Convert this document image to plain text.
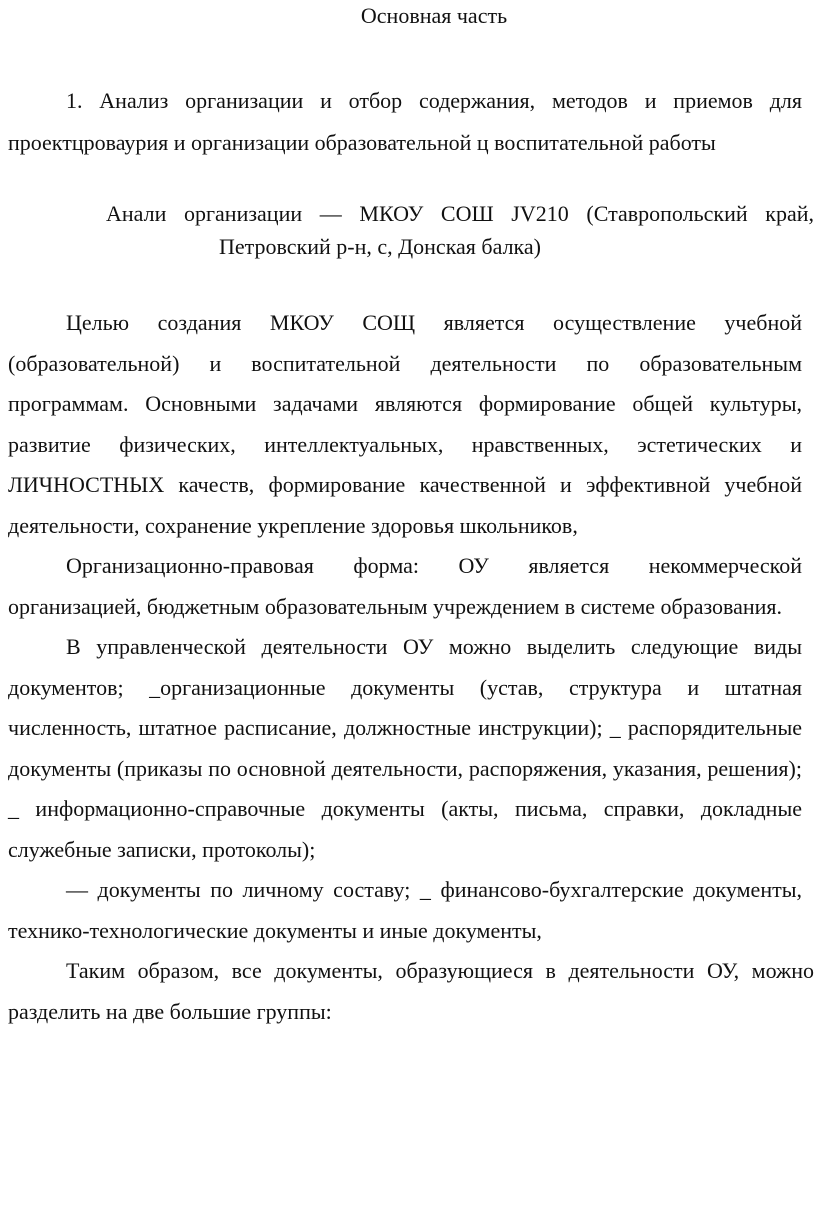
Основная часть
1. Анализ организации и отбор содержания, методов и приемов для проектцроваурия и организации образовательной ц воспитательной работы
Анали организации — МКОУ СОШ JV210 (Ставропольский край,
Петровский р-н, с, Донская балка)

Целью создания МКОУ СОЩ является осуществление учебной (образовательной) и воспитательной деятельности по образовательным программам. Основными задачами являются формирование общей культуры, развитие физических, интеллектуальных, нравственных, эстетических и ЛИЧНОСТНЫХ качеств, формирование качественной и эффективной учебной деятельности, сохранение укрепление здоровья школьников,

Организационно-правовая форма: ОУ является некоммерческой организацией, бюджетным образовательным учреждением в системе образования.

В управленческой деятельности ОУ можно выделить следующие виды документов; _организационные документы (устав, структура и штатная численность, штатное расписание, должностные инструкции); _ распорядительные документы (приказы по основной деятельности, распоряжения, указания, решения); _ информационно-справочные документы (акты, письма, справки, докладные служебные записки, протоколы);

— документы по личному составу; _ финансово-бухгалтерские документы, технико-технологические документы и иные документы,

Таким образом, все документы, образующиеся в деятельности ОУ, можно разделить на две большие группы:
